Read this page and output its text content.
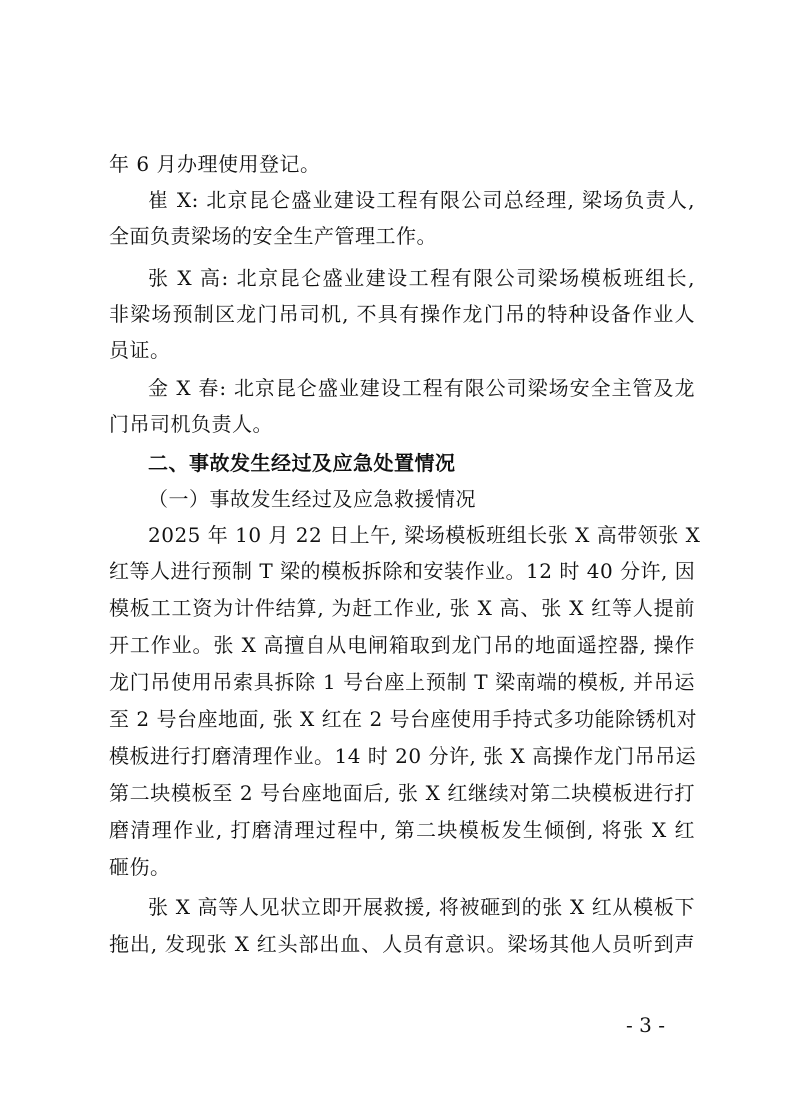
年 6 月办理使用登记。
崔 X: 北京昆仑盛业建设工程有限公司总经理, 梁场负责人,
全面负责梁场的安全生产管理工作。
张 X 高: 北京昆仑盛业建设工程有限公司梁场模板班组长,
非梁场预制区龙门吊司机, 不具有操作龙门吊的特种设备作业人
员证。
金 X 春: 北京昆仑盛业建设工程有限公司梁场安全主管及龙
门吊司机负责人。
二、事故发生经过及应急处置情况
（一）事故发生经过及应急救援情况
2025 年 10 月 22 日上午, 梁场模板班组长张 X 高带领张 X
红等人进行预制 T 梁的模板拆除和安装作业。12 时 40 分许, 因
模板工工资为计件结算, 为赶工作业, 张 X 高、张 X 红等人提前
开工作业。张 X 高擅自从电闸箱取到龙门吊的地面遥控器, 操作
龙门吊使用吊索具拆除 1 号台座上预制 T 梁南端的模板, 并吊运
至 2 号台座地面, 张 X 红在 2 号台座使用手持式多功能除锈机对
模板进行打磨清理作业。14 时 20 分许, 张 X 高操作龙门吊吊运
第二块模板至 2 号台座地面后, 张 X 红继续对第二块模板进行打
磨清理作业, 打磨清理过程中, 第二块模板发生倾倒, 将张 X 红
砸伤。
张 X 高等人见状立即开展救援, 将被砸到的张 X 红从模板下
拖出, 发现张 X 红头部出血、人员有意识。梁场其他人员听到声
- 3 -
